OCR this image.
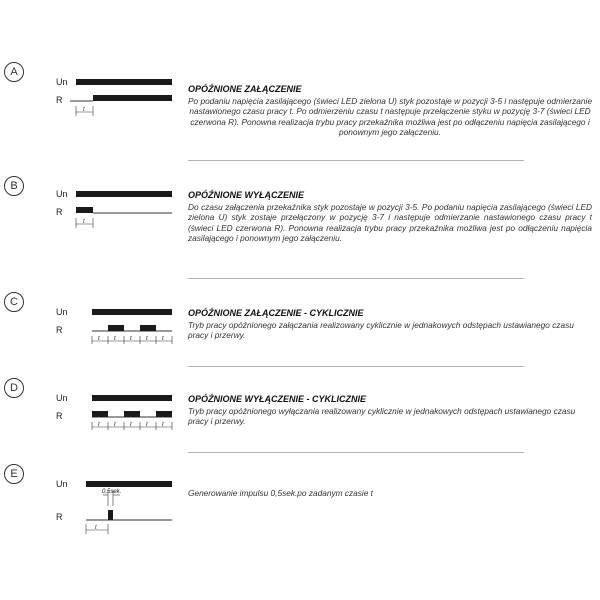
A
Un
R
t
OPÓŹNIONE ZAŁĄCZENIE
Po podaniu napięcia zasilającego (świeci LED zielona U) styk pozostaje w pozycji 3-5 i następuje odmierzanie nastawionego czasu pracy t. Po odmierzeniu czasu t następuje przełączenie styku w pozycję 3-7 (świeci LED czerwona R). Ponowna realizacja trybu pracy przekaźnika możliwa jest po odłączeniu napięcia zasilającego i ponownym jego załączeniu.
B
Un
R
t
OPÓŹNIONE WYŁĄCZENIE
Do czasu załączenia przekaźnika styk pozostaje w pozycji 3-5. Po podaniu napięcia zasilającego (świeci LED zielona U) styk zostaje przełączony w pozycję 3-7 i następuje odmierzanie nastawionego czasu pracy t (świeci LED czerwona R). Ponowna realizacja trybu pracy przekaźnika możliwa jest po odłączeniu napięcia zasilającego i ponownym jego załączeniu.
C
Un
R
t t t t t
OPÓŹNIONE ZAŁĄCZENIE - CYKLICZNIE
Tryb pracy opóźnionego załączania realizowany cyklicznie w jednakowych odstępach ustawianego czasu pracy i przerwy.
D
Un
R
t t t t t
OPÓŹNIONE WYŁĄCZENIE - CYKLICZNIE
Tryb pracy opóźnionego wyłączania realizowany cyklicznie w jednakowych odstępach ustawianego czasu pracy i przerwy.
E
Un
R
0,5sek.
t
Generowanie impulsu 0,5sek.po zadanym czasie t
